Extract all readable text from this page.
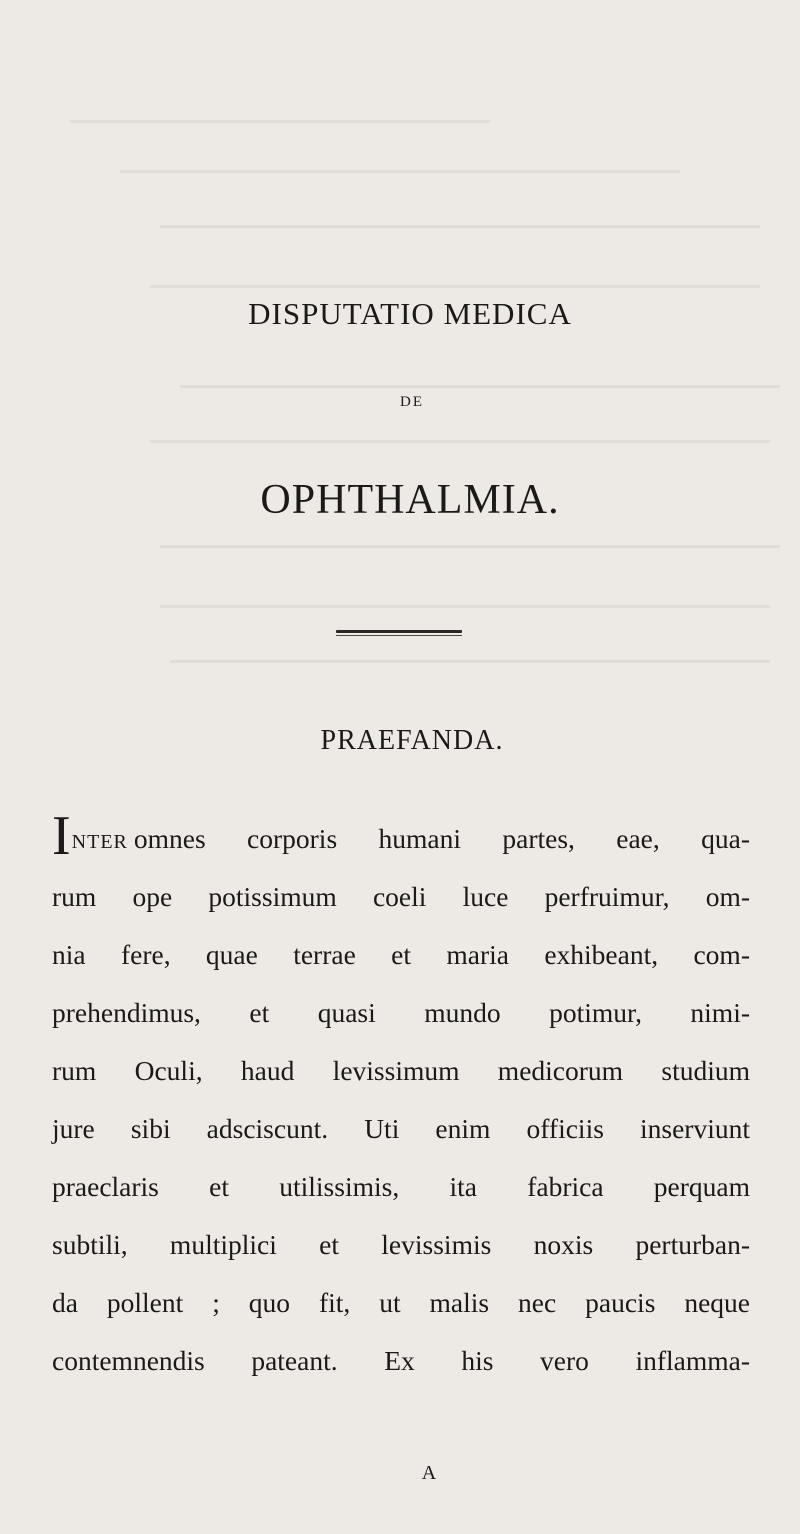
DISPUTATIO MEDICA
DE
OPHTHALMIA.
PRAEFANDA.
INTER omnes corporis humani partes, eae, qua-
rum ope potissimum coeli luce perfruimur, om-
nia fere, quae terrae et maria exhibeant, com-
prehendimus, et quasi mundo potimur, nimi-
rum Oculi, haud levissimum medicorum studium
jure sibi adsciscunt. Uti enim officiis inserviunt
praeclaris et utilissimis, ita fabrica perquam
subtili, multiplici et levissimis noxis perturban-
da pollent ; quo fit, ut malis nec paucis neque
contemnendis pateant. Ex his vero inflamma-
A
